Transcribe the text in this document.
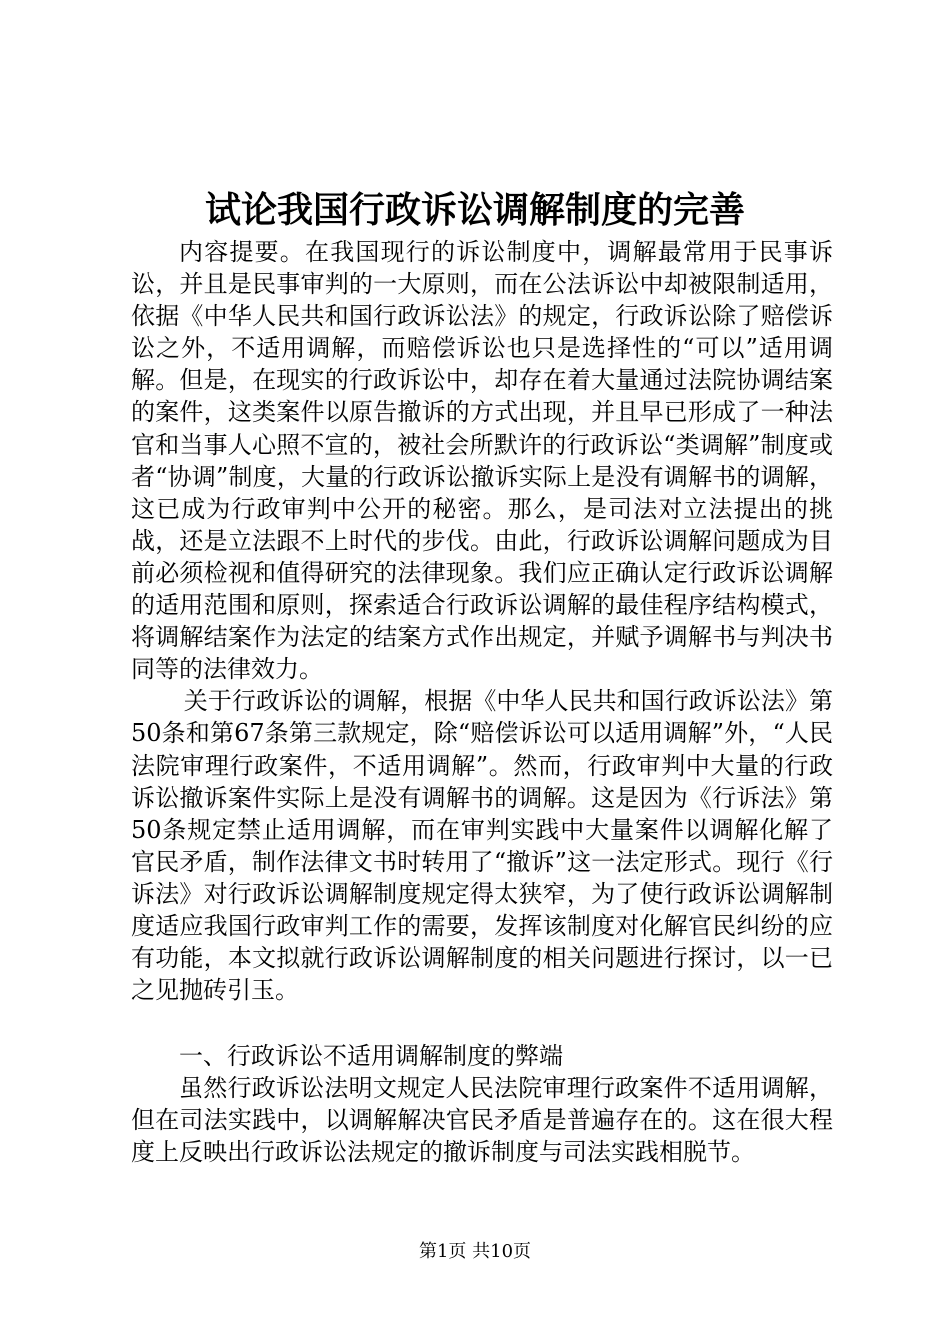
试论我国行政诉讼调解制度的完善

内容提要。在我国现行的诉讼制度中，调解最常用于民事诉讼，并且是民事审判的一大原则，而在公法诉讼中却被限制适用，依据《中华人民共和国行政诉讼法》的规定，行政诉讼除了赔偿诉讼之外，不适用调解，而赔偿诉讼也只是选择性的“可以”适用调解。但是，在现实的行政诉讼中，却存在着大量通过法院协调结案的案件，这类案件以原告撤诉的方式出现，并且早已形成了一种法官和当事人心照不宣的，被社会所默许的行政诉讼“类调解”制度或者“协调”制度，大量的行政诉讼撤诉实际上是没有调解书的调解，这已成为行政审判中公开的秘密。那么，是司法对立法提出的挑战，还是立法跟不上时代的步伐。由此，行政诉讼调解问题成为目前必须检视和值得研究的法律现象。我们应正确认定行政诉讼调解的适用范围和原则，探索适合行政诉讼调解的最佳程序结构模式，将调解结案作为法定的结案方式作出规定，并赋予调解书与判决书同等的法律效力。

关于行政诉讼的调解，根据《中华人民共和国行政诉讼法》第50条和第67条第三款规定，除“赔偿诉讼可以适用调解”外，“人民法院审理行政案件，不适用调解”。然而，行政审判中大量的行政诉讼撤诉案件实际上是没有调解书的调解。这是因为《行诉法》第50条规定禁止适用调解，而在审判实践中大量案件以调解化解了官民矛盾，制作法律文书时转用了“撤诉”这一法定形式。现行《行诉法》对行政诉讼调解制度规定得太狭窄，为了使行政诉讼调解制度适应我国行政审判工作的需要，发挥该制度对化解官民纠纷的应有功能，本文拟就行政诉讼调解制度的相关问题进行探讨，以一已之见抛砖引玉。

一、行政诉讼不适用调解制度的弊端

虽然行政诉讼法明文规定人民法院审理行政案件不适用调解，但在司法实践中，以调解解决官民矛盾是普遍存在的。这在很大程度上反映出行政诉讼法规定的撤诉制度与司法实践相脱节。

第1页 共10页
